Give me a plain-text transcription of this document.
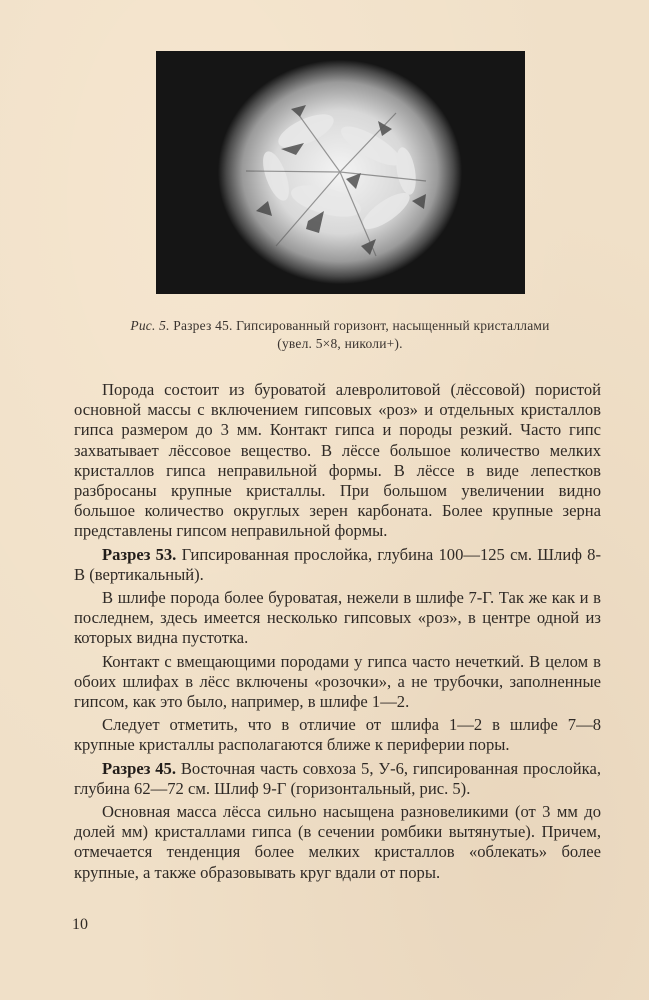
Рис. 5. Разрез 45. Гипсированный горизонт, насыщенный кристаллами (увел. 5×8, николи+).

Порода состоит из буроватой алевролитовой (лёссовой) пористой основной массы с включением гипсовых «роз» и отдельных кристаллов гипса размером до 3 мм. Контакт гипса и породы резкий. Часто гипс захватывает лёссовое вещество. В лёссе большое количество мелких кристаллов гипса неправильной формы. В лёссе в виде лепестков разбросаны крупные кристаллы. При большом увеличении видно большое количество округлых зерен карбоната. Более крупные зерна представлены гипсом неправильной формы.

Разрез 53. Гипсированная прослойка, глубина 100—125 см. Шлиф 8-В (вертикальный).

В шлифе порода более буроватая, нежели в шлифе 7-Г. Так же как и в последнем, здесь имеется несколько гипсовых «роз», в центре одной из которых видна пустотка.

Контакт с вмещающими породами у гипса часто нечеткий. В целом в обоих шлифах в лёсс включены «розочки», а не трубочки, заполненные гипсом, как это было, например, в шлифе 1—2.

Следует отметить, что в отличие от шлифа 1—2 в шлифе 7—8 крупные кристаллы располагаются ближе к периферии поры.

Разрез 45. Восточная часть совхоза 5, У-6, гипсированная прослойка, глубина 62—72 см. Шлиф 9-Г (горизонтальный, рис. 5).

Основная масса лёсса сильно насыщена разновеликими (от 3 мм до долей мм) кристаллами гипса (в сечении ромбики вытянутые). Причем, отмечается тенденция более мелких кристаллов «облекать» более крупные, а также образовывать круг вдали от поры.

10
